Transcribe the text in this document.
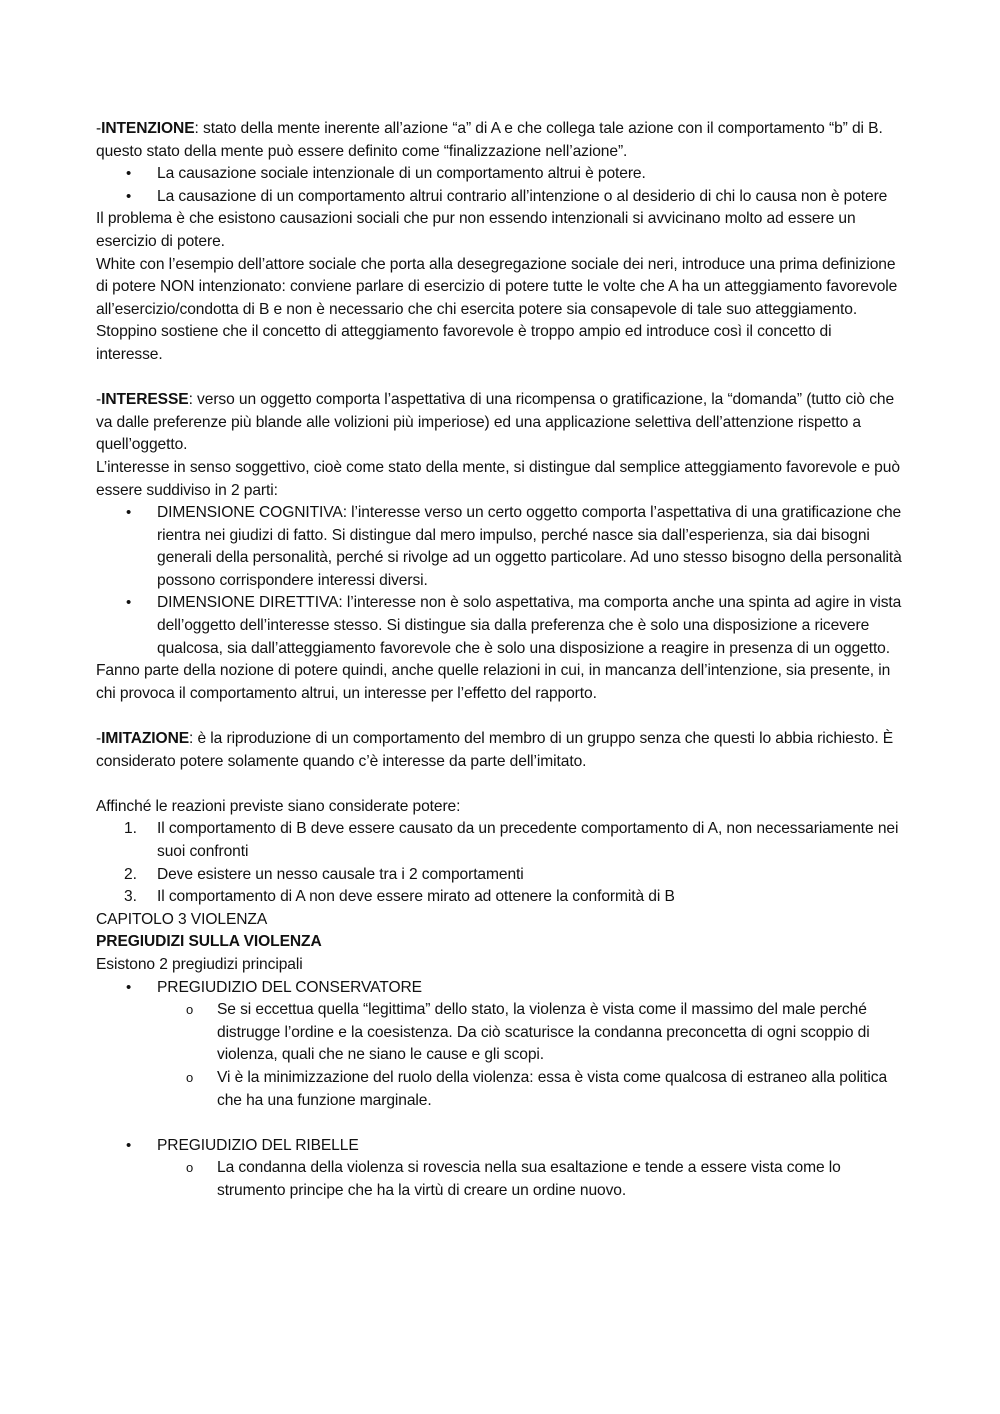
-INTENZIONE: stato della mente inerente all’azione “a” di A e che collega tale azione con il comportamento “b” di B. questo stato della mente può essere definito come “finalizzazione nell’azione”.

•
La causazione sociale intenzionale di un comportamento altrui è potere.
•
La causazione di un comportamento altrui contrario all’intenzione o al desiderio di chi lo causa non è potere

Il problema è che esistono causazioni sociali che pur non essendo intenzionali si avvicinano molto ad essere un esercizio di potere.

White con l’esempio dell’attore sociale che porta alla desegregazione sociale dei neri, introduce una prima definizione di potere NON intenzionato: conviene parlare di esercizio di potere tutte le volte che A ha un atteggiamento favorevole all’esercizio/condotta di B e non è necessario che chi esercita potere sia consapevole di tale suo atteggiamento.

Stoppino sostiene che il concetto di atteggiamento favorevole è troppo ampio ed introduce così il concetto di interesse.

-INTERESSE: verso un oggetto comporta l’aspettativa di una ricompensa o gratificazione, la “domanda” (tutto ciò che va dalle preferenze più blande alle volizioni più imperiose) ed una applicazione selettiva dell’attenzione rispetto a quell’oggetto.

L’interesse in senso soggettivo, cioè come stato della mente, si distingue dal semplice atteggiamento favorevole e può essere suddiviso in 2 parti:

•
DIMENSIONE COGNITIVA: l’interesse verso un certo oggetto comporta l’aspettativa di una gratificazione che rientra nei giudizi di fatto. Si distingue dal mero impulso, perché nasce sia dall’esperienza, sia dai bisogni generali della personalità, perché si rivolge ad un oggetto particolare. Ad uno stesso bisogno della personalità possono corrispondere interessi diversi.
•
DIMENSIONE DIRETTIVA: l’interesse non è solo aspettativa, ma comporta anche una spinta ad agire in vista dell’oggetto dell’interesse stesso. Si distingue sia dalla preferenza che è solo una disposizione a ricevere qualcosa, sia dall’atteggiamento favorevole che è solo una disposizione a reagire in presenza di un oggetto.

Fanno parte della nozione di potere quindi, anche quelle relazioni in cui, in mancanza dell’intenzione, sia presente, in chi provoca il comportamento altrui, un interesse per l’effetto del rapporto.

-IMITAZIONE: è la riproduzione di un comportamento del membro di un gruppo senza che questi lo abbia richiesto. È considerato potere solamente quando c’è interesse da parte dell’imitato.

Affinché le reazioni previste siano considerate potere:

1.	Il comportamento di B deve essere causato da un precedente comportamento di A, non necessariamente nei suoi confronti
2.	Deve esistere un nesso causale tra i 2 comportamenti
3.	Il comportamento di A non deve essere mirato ad ottenere la conformità di B

CAPITOLO 3 VIOLENZA

PREGIUDIZI SULLA VIOLENZA

Esistono 2 pregiudizi principali

•
PREGIUDIZIO DEL CONSERVATORE
o
Se si eccettua quella “legittima” dello stato, la violenza è vista come il massimo del male perché distrugge l’ordine e la coesistenza. Da ciò scaturisce la condanna preconcetta di ogni scoppio di violenza, quali che ne siano le cause e gli scopi.
o
Vi è la minimizzazione del ruolo della violenza: essa è vista come qualcosa di estraneo alla politica che ha una funzione marginale.
•
PREGIUDIZIO DEL RIBELLE
o
La condanna della violenza si rovescia nella sua esaltazione e tende a essere vista come lo strumento principe che ha la virtù di creare un ordine nuovo.
